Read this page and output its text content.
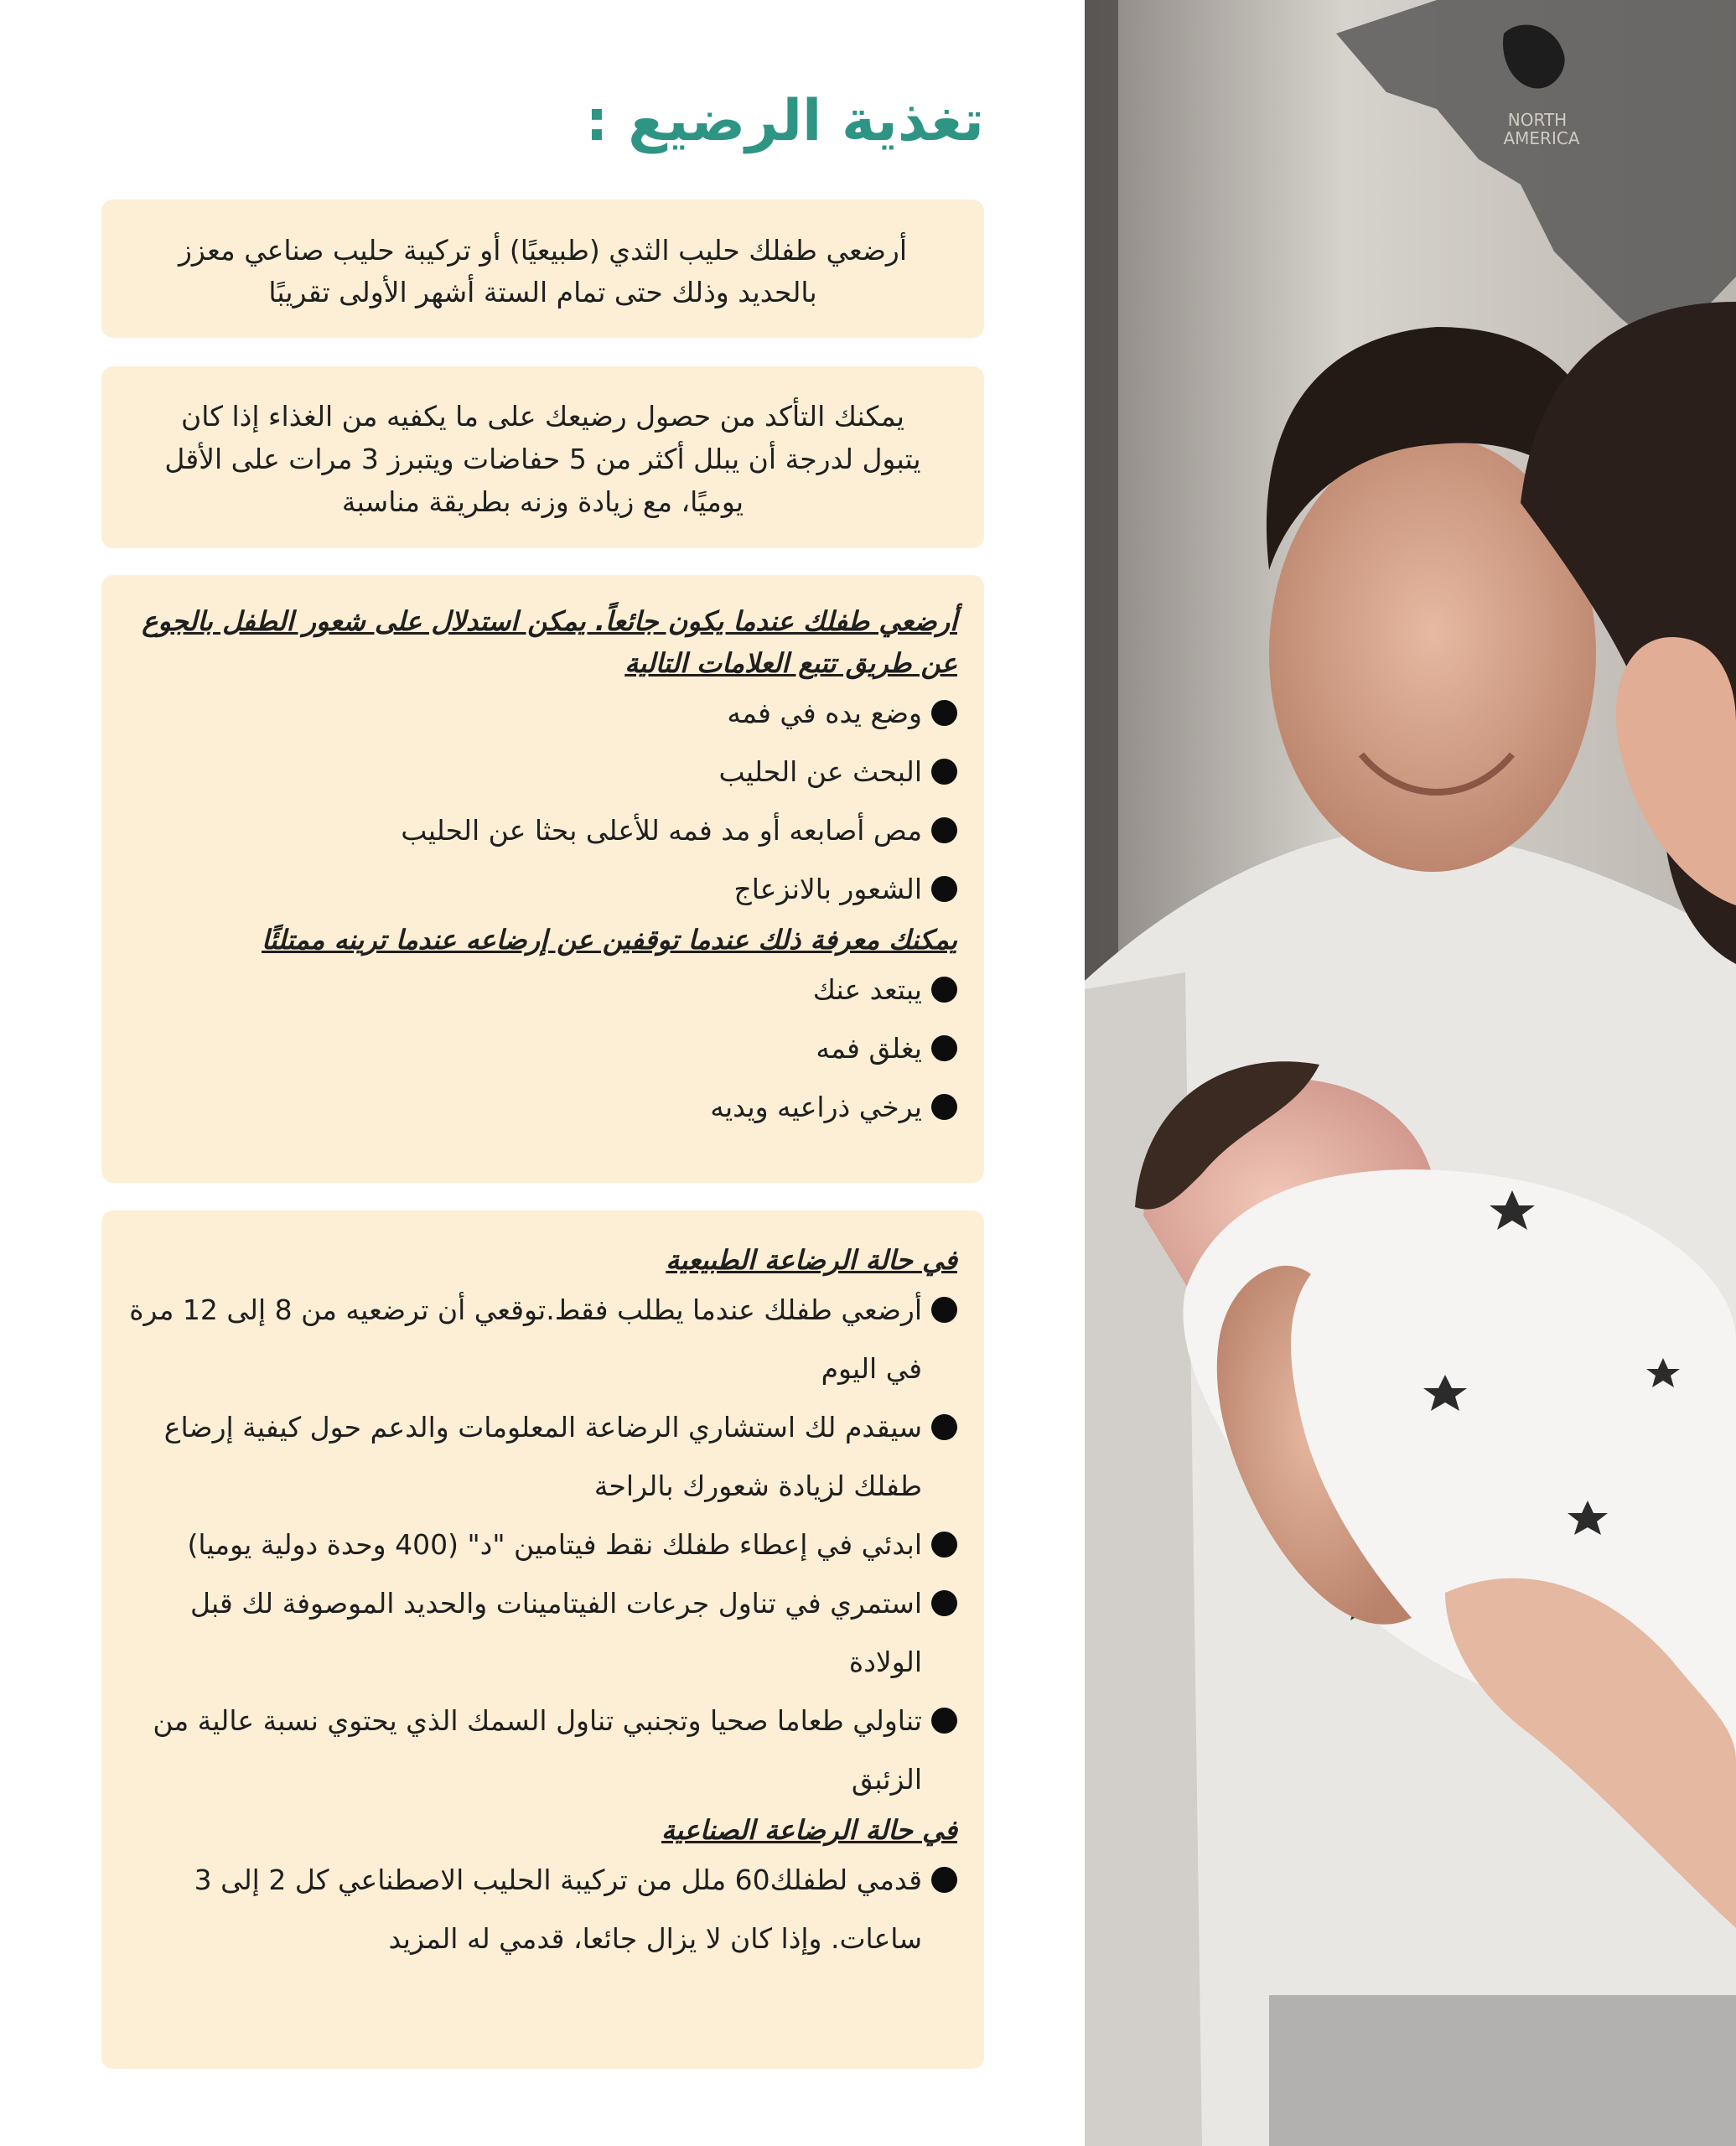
NORTH
AMERICA
تغذية الرضيع :

أرضعي طفلك حليب الثدي (طبيعيًا) أو تركيبة حليب صناعي معزز بالحديد وذلك حتى تمام الستة أشهر الأولى تقريبًا

يمكنك التأكد من حصول رضيعك على ما يكفيه من الغذاء إذا كان يتبول لدرجة أن يبلل أكثر من 5 حفاضات ويتبرز 3 مرات على الأقل يوميًا، مع زيادة وزنه بطريقة مناسبة

أرضعي طفلك عندما يكون جائعاً. يمكن استدلال على شعور الطفل بالجوع عن طريق تتبع العلامات التالية

وضع يده في فمه
البحث عن الحليب
مص أصابعه أو مد فمه للأعلى بحثا عن الحليب
الشعور بالانزعاج

يمكنك معرفة ذلك عندما توقفين عن إرضاعه عندما ترينه ممتلئًا

يبتعد عنك
يغلق فمه
يرخي ذراعيه ويديه

في حالة الرضاعة الطبيعية

أرضعي طفلك عندما يطلب فقط.توقعي أن ترضعيه من 8 إلى 12 مرة في اليوم
سيقدم لك استشاري الرضاعة المعلومات والدعم حول كيفية إرضاع طفلك لزيادة شعورك بالراحة
ابدئي في إعطاء طفلك نقط فيتامين "د" (400 وحدة دولية يوميا)
استمري في تناول جرعات الفيتامينات والحديد الموصوفة لك قبل الولادة
تناولي طعاما صحيا وتجنبي تناول السمك الذي يحتوي نسبة عالية من الزئبق

في حالة الرضاعة الصناعية

قدمي لطفلك60 ملل من تركيبة الحليب الاصطناعي كل 2 إلى 3 ساعات. وإذا كان لا يزال جائعا، قدمي له المزيد
